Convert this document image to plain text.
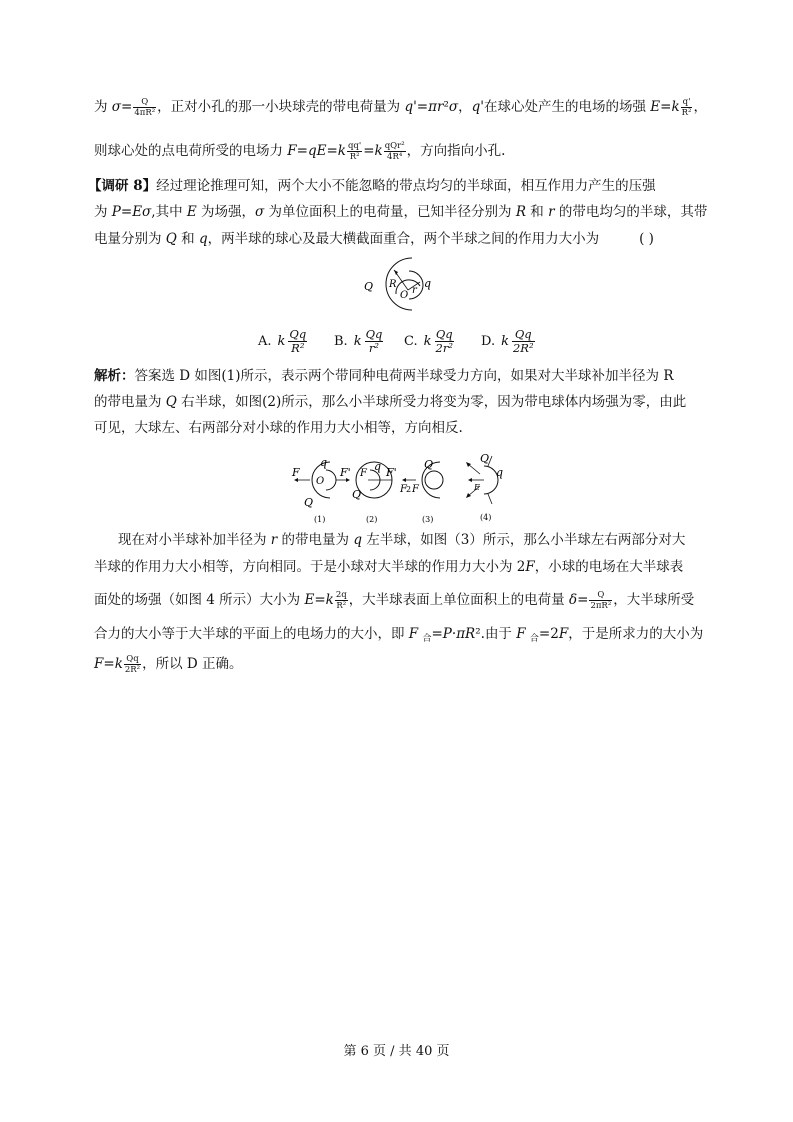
为 $\sigma= \frac{Q}{\text{4πR²}}$ ，正对小孔的那一小块球壳的带电荷量为 q'=πr²σ，q'在球心处产生的电场的场强 $E=k \frac{q'}{\text{R²}}$ ，
则球心处的点电荷所受的电场力 $F=qE=k \frac{qq'}{\text{R²}} =k \frac{\text{qQr²}}{\text{4R⁴}}$ ，方向指向小孔.
【调研 8】经过理论推理可知，两个大小不能忽略的带点均匀的半球面，相互作用力产生的压强
为 P=Eσ,其中 E 为场强，σ 为单位面积上的电荷量，已知半径分别为 R 和 r 的带电均匀的半球，其带
电量分别为 Q 和 q，两半球的球心及最大横截面重合，两个半球之间的作用力大小为	( )
Q R
O r
q
A. k $\frac{Qq}{\text{R²}} B$. k $\frac{Qq}{\text{r²}} C$. k $\frac{Qq}{\text{2r²}} D$. k $\frac{Qq}{\text{2R²}}$
解析：答案选 D 如图(1)所示，表示两个带同种电荷两半球受力方向，如果对大半球补加半径为 R
的带电量为 Q 右半球，如图(2)所示，那么小半球所受力将变为零，因为带电球体内场强为零，由此
可见，大球左、右两部分对小球的作用力大小相等，方向相反.
F
q
O
Q
F'
(1)
F
q
Q
F'
(2)
Q
F 2 F
(3)
Q
q
E
(4)
现在对小半球补加半径为 r 的带电量为 q 左半球，如图（3）所示，那么小半球左右两部分对大
半球的作用力大小相等，方向相同。于是小球对大半球的作用力大小为 2F，小球的电场在大半球表
面处的场强（如图 4 所示）大小为 $E=k \frac{2q}{\text{R²}}$ ，大半球表面上单位面积上的电荷量 $\delta= \frac{Q}{\text{2πR²}}$ ，大半球所受
合力的大小等于大半球的平面上的电场力的大小，即 F $_合$=P·πR².由于 F $_合$=2F，于是所求力的大小为
$F=k \frac{Qq}{\text{2R²}}$ ，所以 D 正确。
第 6 页 / 共 40 页
